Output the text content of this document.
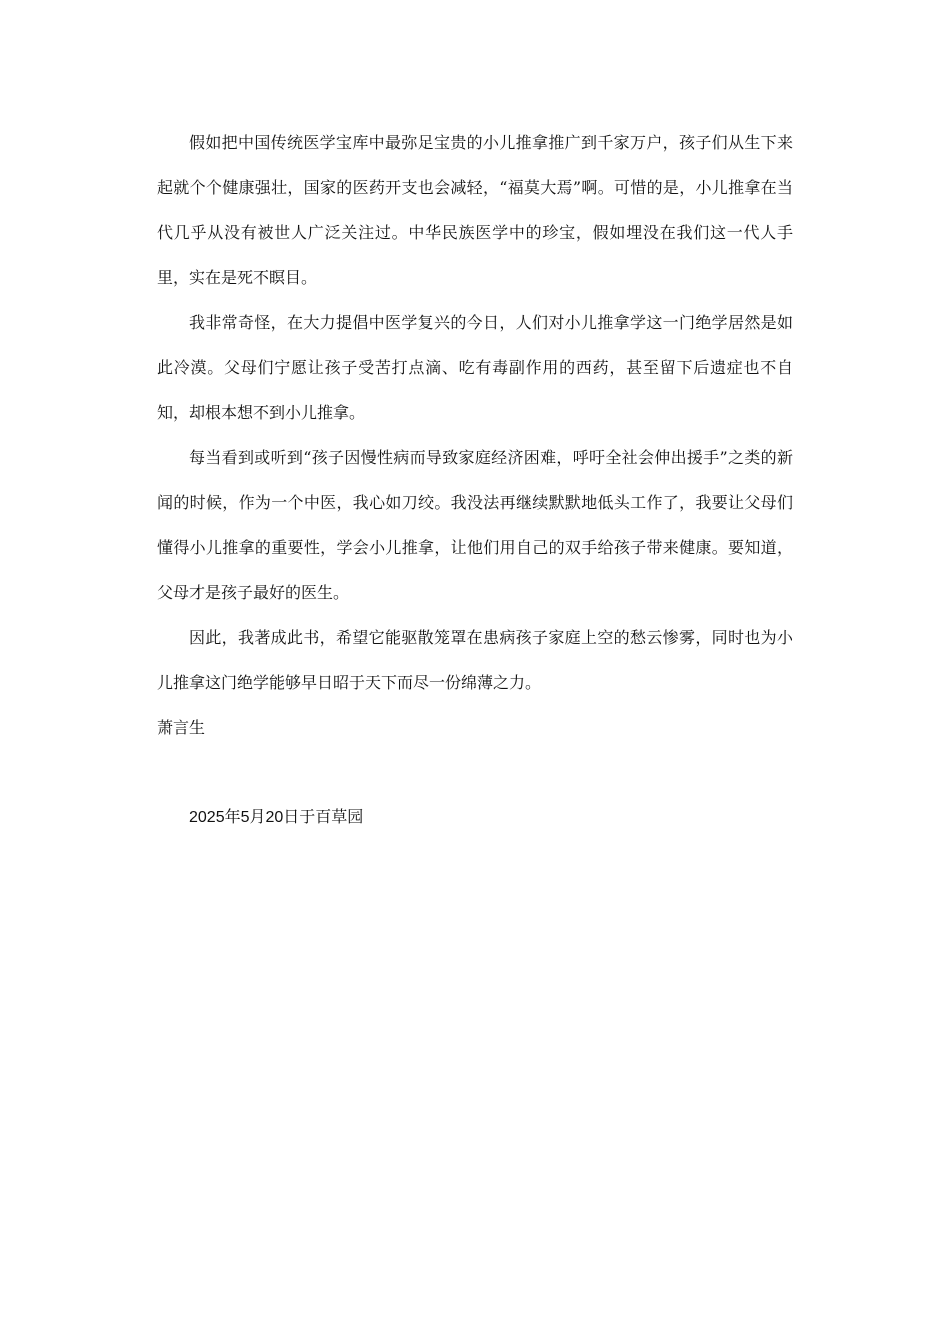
假如把中国传统医学宝库中最弥足宝贵的小儿推拿推广到千家万户，孩子们从生下来起就个个健康强壮，国家的医药开支也会减轻，“福莫大焉”啊。可惜的是，小儿推拿在当代几乎从没有被世人广泛关注过。中华民族医学中的珍宝，假如埋没在我们这一代人手里，实在是死不瞑目。

我非常奇怪，在大力提倡中医学复兴的今日，人们对小儿推拿学这一门绝学居然是如此冷漠。父母们宁愿让孩子受苦打点滴、吃有毒副作用的西药，甚至留下后遗症也不自知，却根本想不到小儿推拿。

每当看到或听到“孩子因慢性病而导致家庭经济困难，呼吁全社会伸出援手”之类的新闻的时候，作为一个中医，我心如刀绞。我没法再继续默默地低头工作了，我要让父母们懂得小儿推拿的重要性，学会小儿推拿，让他们用自己的双手给孩子带来健康。要知道，父母才是孩子最好的医生。

因此，我著成此书，希望它能驱散笼罩在患病孩子家庭上空的愁云惨雾，同时也为小儿推拿这门绝学能够早日昭于天下而尽一份绵薄之力。

萧言生

2025年5月20日于百草园
